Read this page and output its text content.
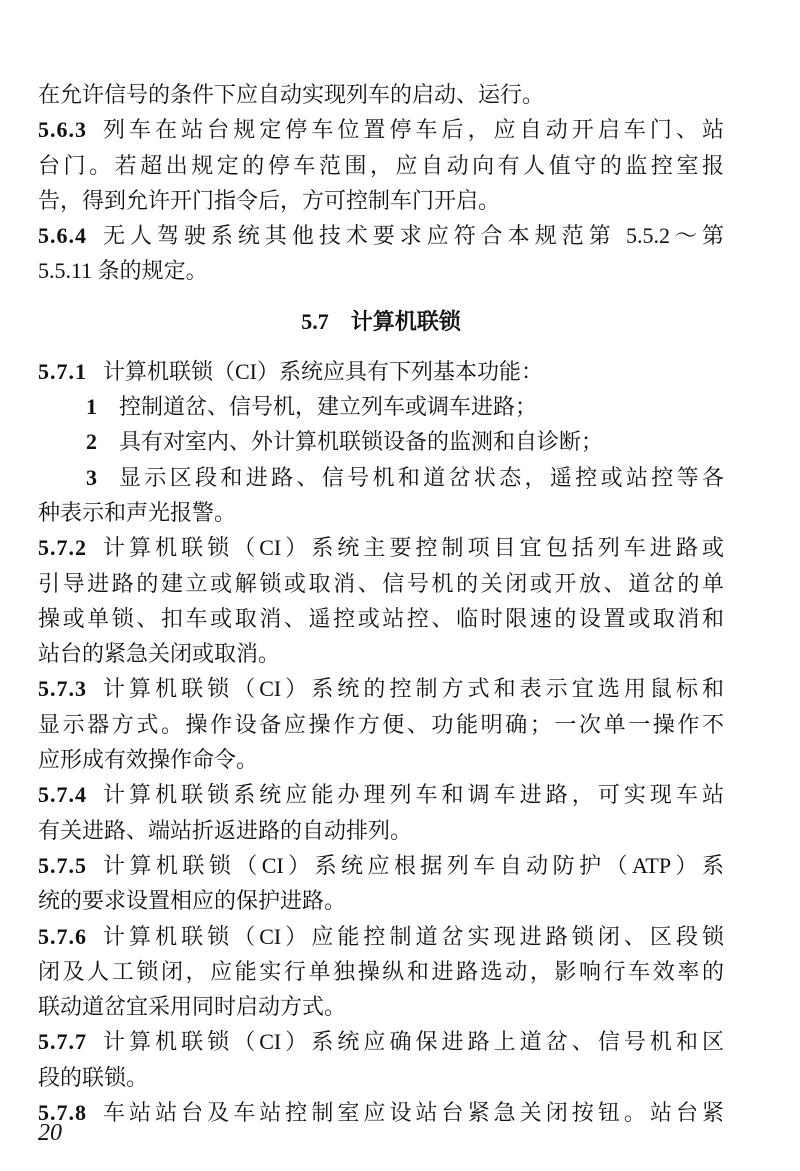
在允许信号的条件下应自动实现列车的启动、运行。
5.6.3 列车在站台规定停车位置停车后，应自动开启车门、站
台门。若超出规定的停车范围，应自动向有人值守的监控室报
告，得到允许开门指令后，方可控制车门开启。
5.6.4 无人驾驶系统其他技术要求应符合本规范第 5.5.2～第
5.5.11 条的规定。
5.7 计算机联锁
5.7.1 计算机联锁（CI）系统应具有下列基本功能：
1 控制道岔、信号机，建立列车或调车进路；
2 具有对室内、外计算机联锁设备的监测和自诊断；
3 显示区段和进路、信号机和道岔状态，遥控或站控等各
种表示和声光报警。
5.7.2 计算机联锁（CI）系统主要控制项目宜包括列车进路或
引导进路的建立或解锁或取消、信号机的关闭或开放、道岔的单
操或单锁、扣车或取消、遥控或站控、临时限速的设置或取消和
站台的紧急关闭或取消。
5.7.3 计算机联锁（CI）系统的控制方式和表示宜选用鼠标和
显示器方式。操作设备应操作方便、功能明确；一次单一操作不
应形成有效操作命令。
5.7.4 计算机联锁系统应能办理列车和调车进路，可实现车站
有关进路、端站折返进路的自动排列。
5.7.5 计算机联锁（CI）系统应根据列车自动防护（ATP）系
统的要求设置相应的保护进路。
5.7.6 计算机联锁（CI）应能控制道岔实现进路锁闭、区段锁
闭及人工锁闭，应能实行单独操纵和进路选动，影响行车效率的
联动道岔宜采用同时启动方式。
5.7.7 计算机联锁（CI）系统应确保进路上道岔、信号机和区
段的联锁。
5.7.8 车站站台及车站控制室应设站台紧急关闭按钮。站台紧
20
